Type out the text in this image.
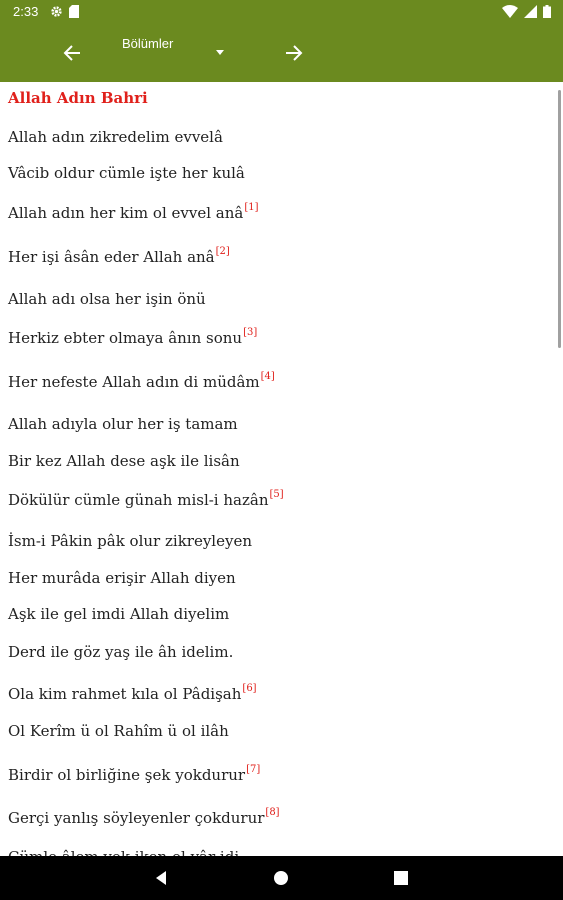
2:33
Bölümler
Allah Adın Bahri
Allah adın zikredelim evvelâ
Vâcib oldur cümle işte her kulâ
Allah adın her kim ol evvel anâ[1]
Her işi âsân eder Allah anâ[2]
Allah adı olsa her işin önü
Herkiz ebter olmaya ânın sonu[3]
Her nefeste Allah adın di müdâm[4]
Allah adıyla olur her iş tamam
Bir kez Allah dese aşk ile lisân
Dökülür cümle günah misl-i hazân[5]
İsm-i Pâkin pâk olur zikreyleyen
Her murâda erişir Allah diyen
Aşk ile gel imdi Allah diyelim
Derd ile göz yaş ile âh idelim.
Ola kim rahmet kıla ol Pâdişah[6]
Ol Kerîm ü ol Rahîm ü ol ilâh
Birdir ol birliğine şek yokdurur[7]
Gerçi yanlış söyleyenler çokdurur[8]
